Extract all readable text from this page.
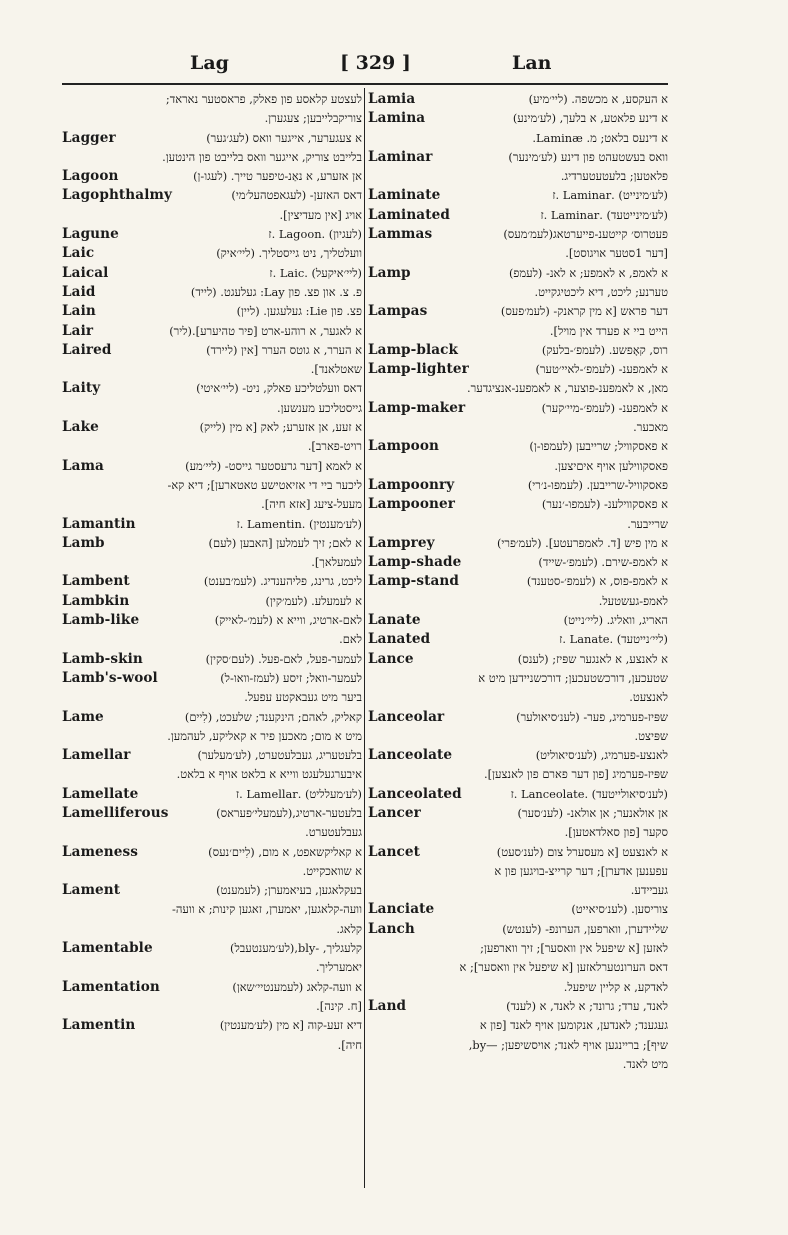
Lag	[ 329 ]	Lan
לעצטע קלאסע פון פאלק, פראסטער נאראד;
צוריקבלייבען; צעגערן.
Lagger	א צעגערער, אייגער וואס (לעג׳גער)
בלייבט צוריק, אייגער וואס בלייבט פון הינטען.
Lagoon	אן אזערע, א נאַנ-טיפער טייך. (לעגו-ן)
Lagophthalmy	דאס האזען- (לעגאפטהעל׳מי)
אויג [אין מעדיצין].
Lagune	(לעגיון) .Lagoon .ז
Laic	וועלטליך, ניט גייסטליך. (ליי׳איק)
Laical	(ליי׳איקעל) .Laic .ז
Laid	פ. צ. און פצ. פון Lay: געלעגט. (לייד)
Lain	פצ. פון Lie: געלעגען. (ליין)
Lair	א לאגער, א רוהע-ארט [פיר טהיערע].(ליר)
Laired	א הערר, א גוטס הערר [אין (ליירד)
שאטלאנד].
Laity	דאס וועלטליכע פאלק, ניט- (ליי׳איטי)
גייסטליכע מענשען.
Lake	א זעע, אן אזערע; לאק [א מין (לייק)
רויט-פארב].
Lama	א לאמא [דער גרעסטער גייסט- (ליי׳מע)
ליכער ביי די אזיאטישע טאטארען]; דיא קא-
מעעל-ציעג [אזא חיה].
Lamantin	(לע׳מענטין) .Lamentin .ז
Lamb	א לאם; זיך לעמלען [האבען (לעם)
לעמעלאך].
Lambent	ליכט, גרינג, פליהענדיג. (לעמ׳בענט)
Lambkin	א לעמעלע. (לעמ׳קין)
Lamb-like	לאם-ארטיג, ווייא א (לעמ׳-לאייק)
לאם.
Lamb-skin	לעמער-פעל, לאם-פעל. (לעם׳סקין)
Lamb's-wool	לעמער-וואל; זיסע (לעמז-וואו-ל)
ביער מיט געבאקטע עפעל.
Lame	קאליק, לאהם; הינקענד; שלעכט, (לִיים)
מיט א מום; מאכען פיר א קאליקע, לעהמען.
Lamellar	בלעטעריג, געבלעטערט, (לע׳מעלער)
איבערגעלעגט ווייא א בלאט אויף א בלאט.
Lamellate	(לע׳מעלליט) .Lamellar .ז
Lamelliferous	בלעטער-ארטיג,(לעמעלי׳פעראס)
געבלעטערט.
Lameness	א קאליקשאפט, א מום, (לִיים׳נעס)
א שוואכקייט.
Lament	בעקלאגען, בעיאמערן; (לעמענט)
וועה-קלאגען, יאמערן, זאגען קינות; א וועה-
קלאג.
Lamentable	קלעגליך, ‑bly,(לע׳מענטעבל)
יאמערליך.
Lamentation	א וועה-קלאג (לעמענטיי׳שאן)
[ח. קינה].
Lamentin	דיא זעע-קוה [א מין (לע׳מענטין)
חיה].
Lamia	א העקסע, א מכשפה. (ליי׳מיע)
Lamina	א דינע פלאטע, א בלעך, (לע׳מינע)
א דינעס בלאט; מ. Laminæ.
Laminar	וואס בעשטעהט פון דינע (לע׳מינער)
פלאטען; בלעטעטערדיג.
Laminate	(לע׳מינייט) .Laminar .ז
Laminated	(לע׳מינייטעד) .Laminar .ז
Lammas	פעטרוס׳ קייטענ-פייערטאג(לעמ׳מעס)
[דער 1סטער אויגוסט].
Lamp	א לאמפ, א לאמפע; א לאנ- (לעמפ)
טערנע; ליכט, דיא ליכטיגקייט.
Lampas	דער פראש [א מין קראנק- (לעמ׳פעס)
הייט ביי א פערד אין מויל].
Lamp-black	רוס, קאָפשע. (לעמפ׳-בלעק)
Lamp-lighter	א לאמפענ- (לעמפ׳-לאיי׳טער)
מאן, א לאמפענ-פוצער, א לאמפענ-אנציגדער.
Lamp-maker	א לאמפענ- (לעמפ׳-מיי׳קער)
מאכער.
Lampoon	א פאסקוויל; שרייבען (לעמפו-ן)
פאסקווילען אויף איםיצען.
Lampoonry	פאסקוויל-שרייבען. (לעמפו-נ׳רי)
Lampooner	א פאסקווילענ- (לעמפו-׳נער)
שרייבער.
Lamprey	א מין פיש [ד. לאמפרעטע]. (לעמ׳פרי)
Lamp-shade	א לאמפ-שירם. (לעמפ׳-שייד)
Lamp-stand	א לאמפ-פוס, א (לעמפ׳-סטענד)
לאמפ-געשטעל.
Lanate	האריג, וואליג. (ליי׳נייט)
Lanated	(ליי׳נייטעד) .Lanate .ז
Lance	א לאנצע, א לאנגער שפּיז; (לענס)
שטעכען, דורכשטעכען; דורכשניידען מיט א
לאנצעט.
Lanceolar	שפּיז-פערמיג, פער- (לענ׳סיאולער)
שפּיצט.
Lanceolate	לאנצע-פערמיג, (לענ׳סיאוליט)
שפּיז-פערמיג [פון דער פארם פון לאנצען].
Lanceolated	(לענ׳סיאולייטעד) .Lanceolate .ז
Lancer	אן אולאנער; אן אולאנ- (לענ׳סער)
סקער [פון סאלדאטען].
Lancet	א לאנצעט [א מעסערל צום (לענ׳סעט)
עפענען אדערן]; דער קרייצ-בויגען פון א
געביידע.
Lanciate	צוריסען. (לענ׳סיאייט)
Lanch	שליידערן, ווארפען, הערונפ- (לענטש)
לאזען [א שיפעל אין וואסער]; זיך ווארפען;
דאס הערונטערלאזען [א שיפעל אין וואסער]; א
לאדקע, א קליין שיפעל.
Land	לאנד, ערד; גרונד; א לאנד, א (לענד)
געגענד; לאנדען, אנקומען אויף לאנד [פון א
שיף]; בריינגען אויף לאנד; אויסשיפען; —by,
מיט לאנד.
